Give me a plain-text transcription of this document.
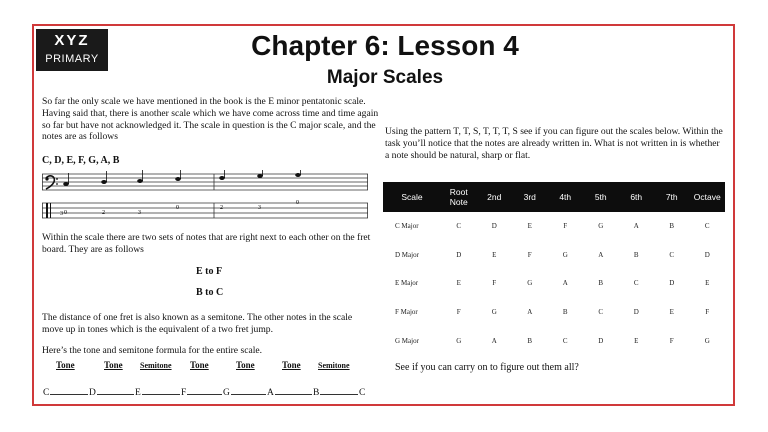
XYZ
PRIMARY	Chapter 6: Lesson 4
Major Scales
So far the only scale we have mentioned in the book is the E minor pentatonic scale. Having said that, there is another scale which we have come across time and time again so far but have not acknowledged it. The scale in question is the C major scale, and the notes are as follows
C, D, E, F, G, A, B
3 0	2	3
0	2	3
0
Within the scale there are two sets of notes that are right next to each other on the fret board. They are as follows
E to F
B to C
The distance of one fret is also known as a semitone. The other notes in the scale move up in tones which is the equivalent of a two fret jump.
Here’s the tone and semitone formula for the entire scale.
Tone	Tone Semitone Tone	Tone	Tone Semitone
C	D	E	F	G	A	B	C
Using the pattern T, T, S, T, T, T, S see if you can figure out the scales below. Within the task you’ll notice that the notes are already written in. What is not written in is whether a note should be natural, sharp or flat.
Scale	Root Note	2nd	3rd	4th	5th	6th	7th	Octave
C Major	C	D	E	F	G	A	B	C
D Major	D	E	F	G	A	B	C	D
E Major	E	F	G	A	B	C	D	E
F Major	F	G	A	B	C	D	E	F
G Major	G	A	B	C	D	E	F	G
See if you can carry on to figure out them all?
